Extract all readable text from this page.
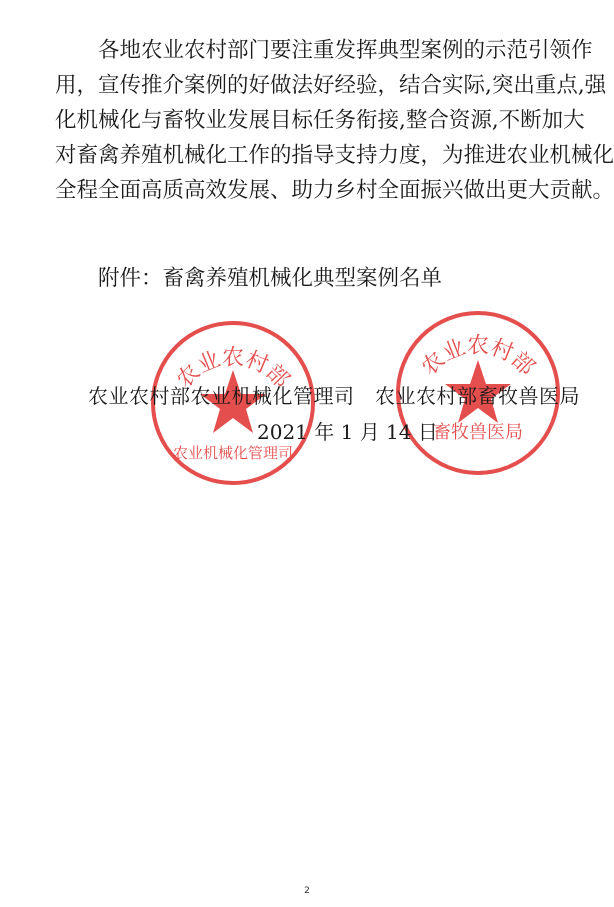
各地农业农村部门要注重发挥典型案例的示范引领作
用，宣传推介案例的好做法好经验，结合实际,突出重点,强
化机械化与畜牧业发展目标任务衔接,整合资源,不断加大
对畜禽养殖机械化工作的指导支持力度，为推进农业机械化
全程全面高质高效发展、助力乡村全面振兴做出更大贡献。
附件：畜禽养殖机械化典型案例名单
农业农村部
农业机械化管理司
农业农村部
畜牧兽医局
农业农村部农业机械化管理司　农业农村部畜牧兽医局
2021 年 1 月 14 日
2
